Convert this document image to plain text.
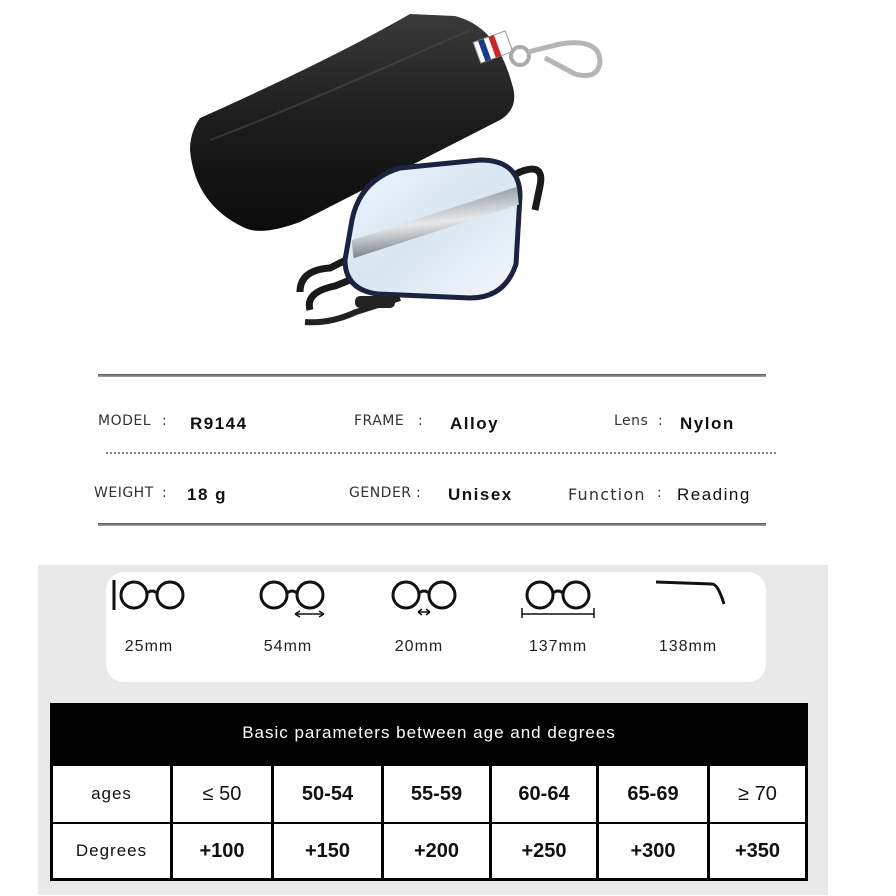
MODEL : R9144	FRAME : Alloy	Lens : Nylon
WEIGHT : 18 g	GENDER : Unisex	Function : Reading
25mm	54mm	20mm	137mm	138mm
Basic parameters between age and degrees
ages	≤ 50	50-54	55-59	60-64	65-69	≥ 70
Degrees	+100	+150	+200	+250	+300	+350
